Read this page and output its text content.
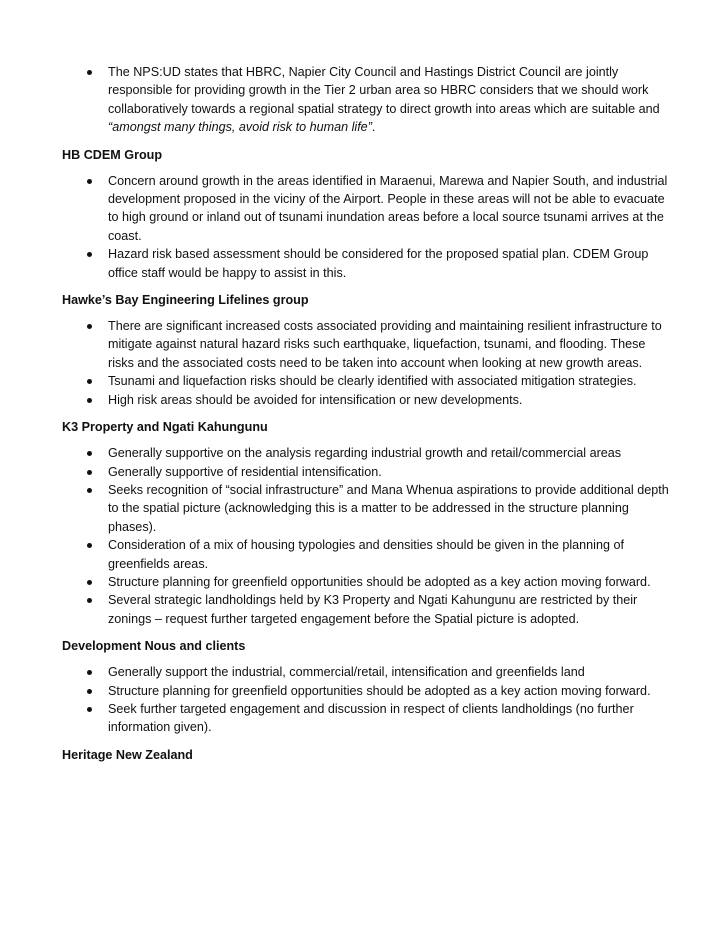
The NPS:UD states that HBRC, Napier City Council and Hastings District Council are jointly responsible for providing growth in the Tier 2 urban area so HBRC considers that we should work collaboratively towards a regional spatial strategy to direct growth into areas which are suitable and “amongst many things, avoid risk to human life”.
HB CDEM Group
Concern around growth in the areas identified in Maraenui, Marewa and Napier South, and industrial development proposed in the viciny of the Airport. People in these areas will not be able to evacuate to high ground or inland out of tsunami inundation areas before a local source tsunami arrives at the coast.
Hazard risk based assessment should be considered for the proposed spatial plan. CDEM Group office staff would be happy to assist in this.
Hawke’s Bay Engineering Lifelines group
There are significant increased costs associated providing and maintaining resilient infrastructure to mitigate against natural hazard risks such earthquake, liquefaction, tsunami, and flooding. These risks and the associated costs need to be taken into account when looking at new growth areas.
Tsunami and liquefaction risks should be clearly identified with associated mitigation strategies.
High risk areas should be avoided for intensification or new developments.
K3 Property and Ngati Kahungunu
Generally supportive on the analysis regarding industrial growth and retail/commercial areas
Generally supportive of residential intensification.
Seeks recognition of “social infrastructure” and Mana Whenua aspirations to provide additional depth to the spatial picture (acknowledging this is a matter to be addressed in the structure planning phases).
Consideration of a mix of housing typologies and densities should be given in the planning of greenfields areas.
Structure planning for greenfield opportunities should be adopted as a key action moving forward.
Several strategic landholdings held by K3 Property and Ngati Kahungunu are restricted by their zonings – request further targeted engagement before the Spatial picture is adopted.
Development Nous and clients
Generally support the industrial, commercial/retail, intensification and greenfields land
Structure planning for greenfield opportunities should be adopted as a key action moving forward.
Seek further targeted engagement and discussion in respect of clients landholdings (no further information given).
Heritage New Zealand
